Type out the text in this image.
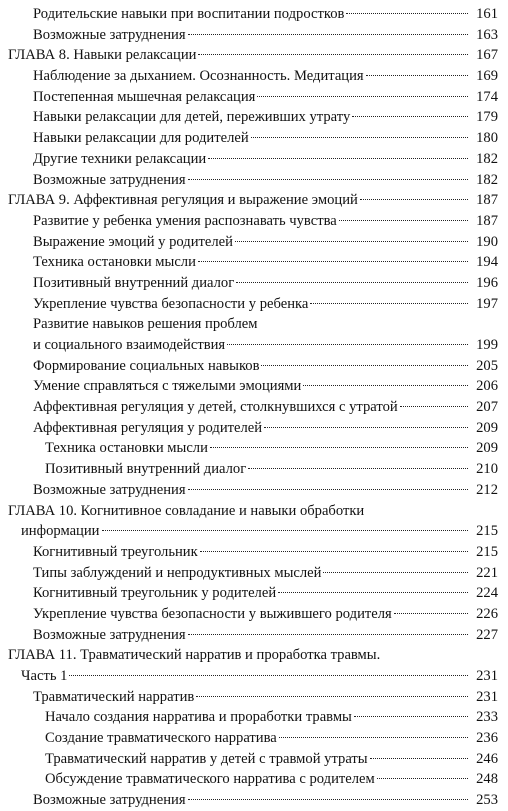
Родительские навыки при воспитании подростков	161
Возможные затруднения	163
ГЛАВА 8. Навыки релаксации	167
Наблюдение за дыханием. Осознанность. Медитация	169
Постепенная мышечная релаксация	174
Навыки релаксации для детей, переживших утрату	179
Навыки релаксации для родителей	180
Другие техники релаксации	182
Возможные затруднения	182
ГЛАВА 9. Аффективная регуляция и выражение эмоций	187
Развитие у ребенка умения распознавать чувства	187
Выражение эмоций у родителей	190
Техника остановки мысли	194
Позитивный внутренний диалог	196
Укрепление чувства безопасности у ребенка	197
Развитие навыков решения проблем
и социального взаимодействия	199
Формирование социальных навыков	205
Умение справляться с тяжелыми эмоциями	206
Аффективная регуляция у детей, столкнувшихся с утратой	207
Аффективная регуляция у родителей	209
Техника остановки мысли	209
Позитивный внутренний диалог	210
Возможные затруднения	212
ГЛАВА 10. Когнитивное совладание и навыки обработки
информации	215
Когнитивный треугольник	215
Типы заблуждений и непродуктивных мыслей	221
Когнитивный треугольник у родителей	224
Укрепление чувства безопасности у выжившего родителя	226
Возможные затруднения	227
ГЛАВА 11. Травматический нарратив и проработка травмы.
Часть 1	231
Травматический нарратив	231
Начало создания нарратива и проработки травмы	233
Создание травматического нарратива	236
Травматический нарратив у детей с травмой утраты	246
Обсуждение травматического нарратива с родителем	248
Возможные затруднения	253
